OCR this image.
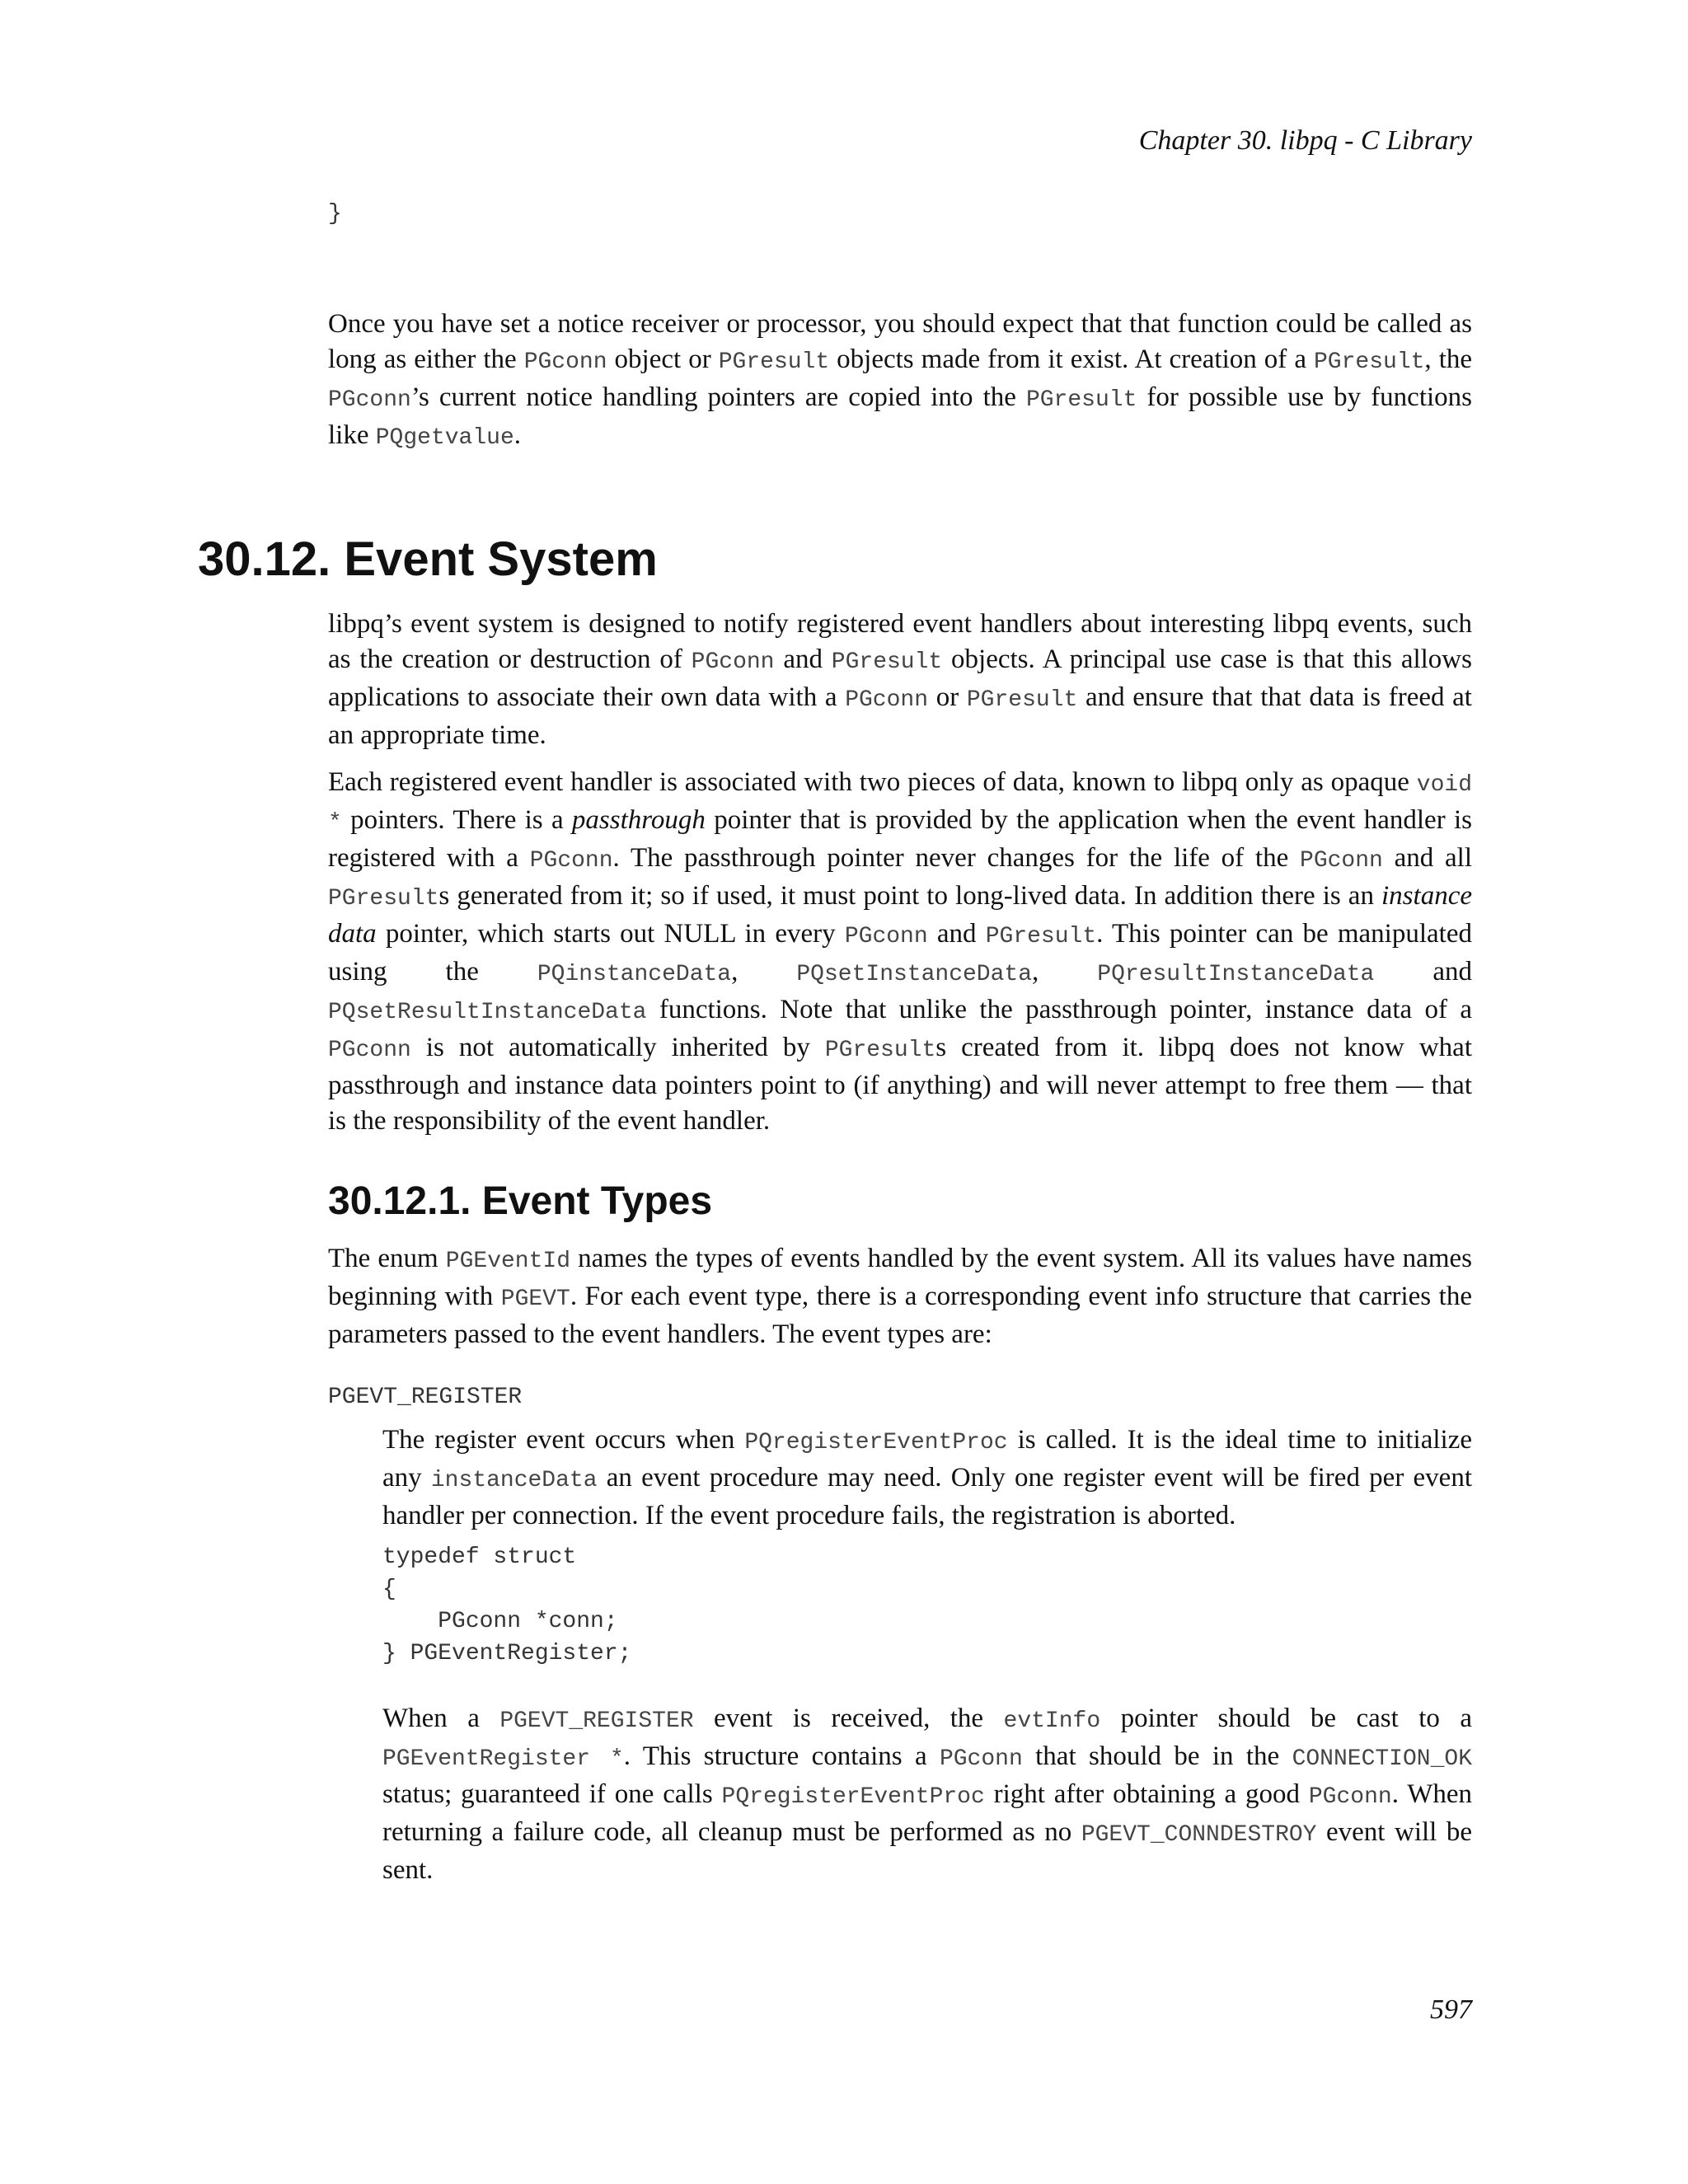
Chapter 30. libpq - C Library
}

Once you have set a notice receiver or processor, you should expect that that function could be called as long as either the PGconn object or PGresult objects made from it exist. At creation of a PGresult, the PGconn’s current notice handling pointers are copied into the PGresult for possible use by functions like PQgetvalue.

30.12. Event System

libpq’s event system is designed to notify registered event handlers about interesting libpq events, such as the creation or destruction of PGconn and PGresult objects. A principal use case is that this allows applications to associate their own data with a PGconn or PGresult and ensure that that data is freed at an appropriate time.

Each registered event handler is associated with two pieces of data, known to libpq only as opaque void * pointers. There is a passthrough pointer that is provided by the application when the event handler is registered with a PGconn. The passthrough pointer never changes for the life of the PGconn and all PGresults generated from it; so if used, it must point to long-lived data. In addition there is an instance data pointer, which starts out NULL in every PGconn and PGresult. This pointer can be manipulated using the PQinstanceData, PQsetInstanceData, PQresultInstanceData and PQsetResultInstanceData functions. Note that unlike the passthrough pointer, instance data of a PGconn is not automatically inherited by PGresults created from it. libpq does not know what passthrough and instance data pointers point to (if anything) and will never attempt to free them — that is the responsibility of the event handler.

30.12.1. Event Types

The enum PGEventId names the types of events handled by the event system. All its values have names beginning with PGEVT. For each event type, there is a corresponding event info structure that carries the parameters passed to the event handlers. The event types are:

PGEVT_REGISTER

The register event occurs when PQregisterEventProc is called. It is the ideal time to initialize any instanceData an event procedure may need. Only one register event will be fired per event handler per connection. If the event procedure fails, the registration is aborted.

typedef struct
{
PGconn *conn;
} PGEventRegister;

When a PGEVT_REGISTER event is received, the evtInfo pointer should be cast to a PGEventRegister *. This structure contains a PGconn that should be in the CONNECTION_OK status; guaranteed if one calls PQregisterEventProc right after obtaining a good PGconn. When returning a failure code, all cleanup must be performed as no PGEVT_CONNDESTROY event will be sent.

597
